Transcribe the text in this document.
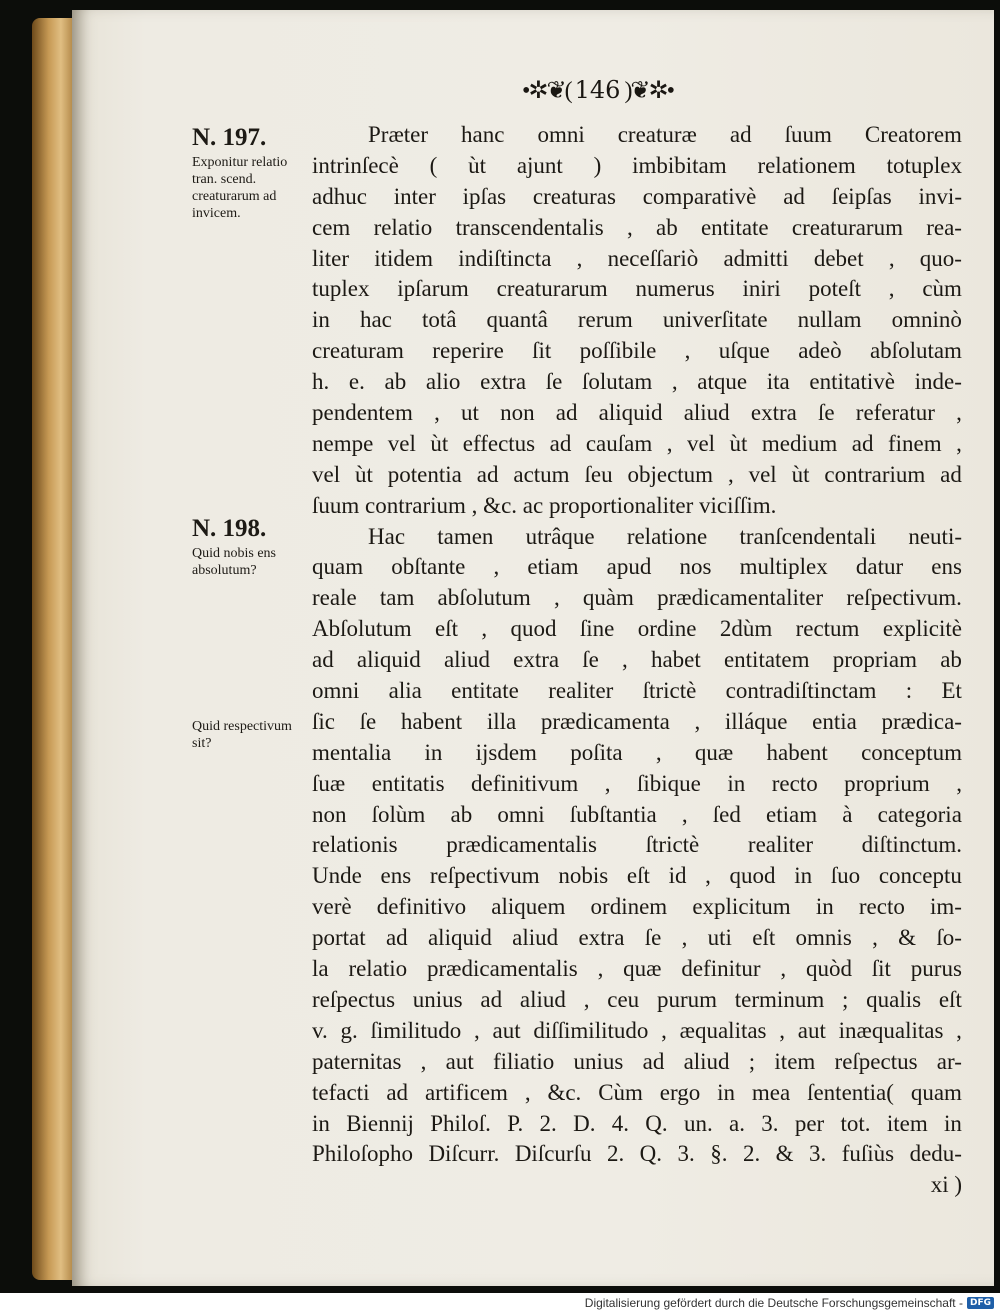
•✲❦( 146 )❦✲•
N. 197.
Exponitur relatio tran. scend. creaturarum ad invicem.
N. 198.
Quid nobis ens absolutum?
Quid respectivum sit?
Præter hanc omni creaturæ ad ſuum Creatorem
intrinſecè ( ùt ajunt ) imbibitam relationem totuplex
adhuc inter ipſas creaturas comparativè ad ſeipſas invi-
cem relatio transcendentalis , ab entitate creaturarum rea-
liter itidem indiſtincta , neceſſariò admitti debet , quo-
tuplex ipſarum creaturarum numerus iniri poteſt , cùm
in hac totâ quantâ rerum univerſitate nullam omninò
creaturam reperire ſit poſſibile , uſque adeò abſolutam
h. e. ab alio extra ſe ſolutam , atque ita entitativè inde-
pendentem , ut non ad aliquid aliud extra ſe referatur ,
nempe vel ùt effectus ad cauſam , vel ùt medium ad finem ,
vel ùt potentia ad actum ſeu objectum , vel ùt contrarium ad
ſuum contrarium , &c. ac proportionaliter viciſſim.
Hac tamen utrâque relatione tranſcendentali neuti-
quam obſtante , etiam apud nos multiplex datur ens
reale tam abſolutum , quàm prædicamentaliter reſpectivum.
Abſolutum eſt , quod ſine ordine 2dùm rectum explicitè
ad aliquid aliud extra ſe , habet entitatem propriam ab
omni alia entitate realiter ſtrictè contradiſtinctam : Et
ſic ſe habent illa prædicamenta , illáque entia prædica-
mentalia in ijsdem poſita , quæ habent conceptum
ſuæ entitatis definitivum , ſibique in recto proprium ,
non ſolùm ab omni ſubſtantia , ſed etiam à categoria
relationis prædicamentalis ſtrictè realiter diſtinctum.
Unde ens reſpectivum nobis eſt id , quod in ſuo conceptu
verè definitivo aliquem ordinem explicitum in recto im-
portat ad aliquid aliud extra ſe , uti eſt omnis , & ſo-
la relatio prædicamentalis , quæ definitur , quòd ſit purus
reſpectus unius ad aliud , ceu purum terminum ; qualis eſt
v. g. ſimilitudo , aut diſſimilitudo , æqualitas , aut inæqualitas ,
paternitas , aut filiatio unius ad aliud ; item reſpectus ar-
tefacti ad artificem , &c. Cùm ergo in mea ſententia( quam
in Biennij Philoſ. P. 2. D. 4. Q. un. a. 3. per tot. item in
Philoſopho Diſcurr. Diſcurſu 2. Q. 3. §. 2. & 3. fuſiùs dedu-
xi )
Digitalisierung gefördert durch die Deutsche Forschungsgemeinschaft - DFG
